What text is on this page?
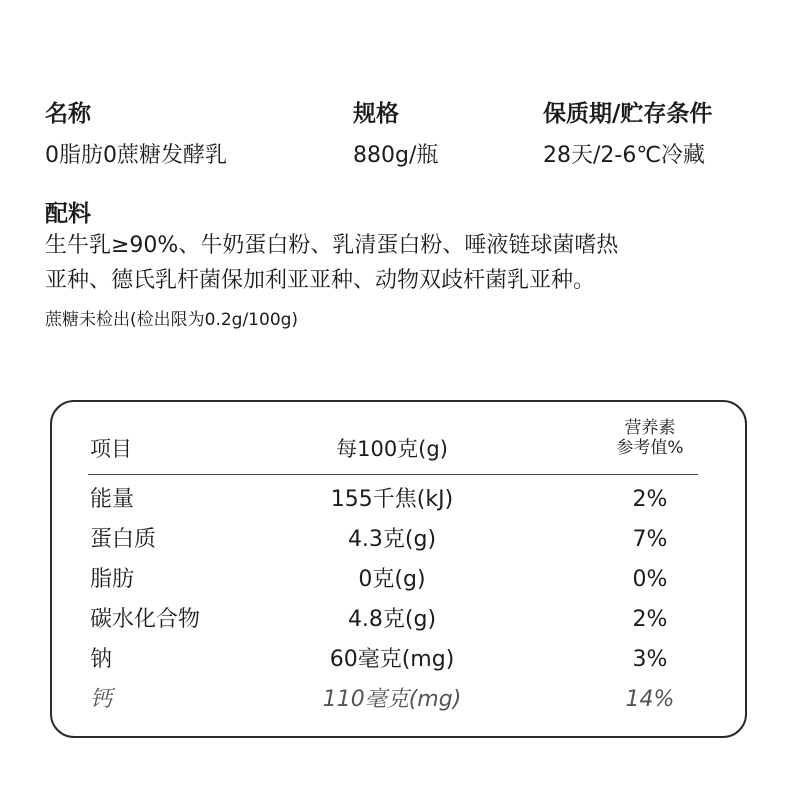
名称	规格	保质期/贮存条件
0脂肪0蔗糖发酵乳	880g/瓶	28天/2-6℃冷藏
配料
生牛乳≥90%、牛奶蛋白粉、乳清蛋白粉、唾液链球菌嗜热
亚种、德氏乳杆菌保加利亚亚种、动物双歧杆菌乳亚种。
蔗糖未检出(检出限为0.2g/100g)
项目	每100克(g)
营养素
参考值%
能量	155千焦(kJ)	2%
蛋白质	4.3克(g)	7%
脂肪	0克(g)	0%
碳水化合物	4.8克(g)	2%
钠	60毫克(mg)	3%
钙	110毫克(mg)	14%
